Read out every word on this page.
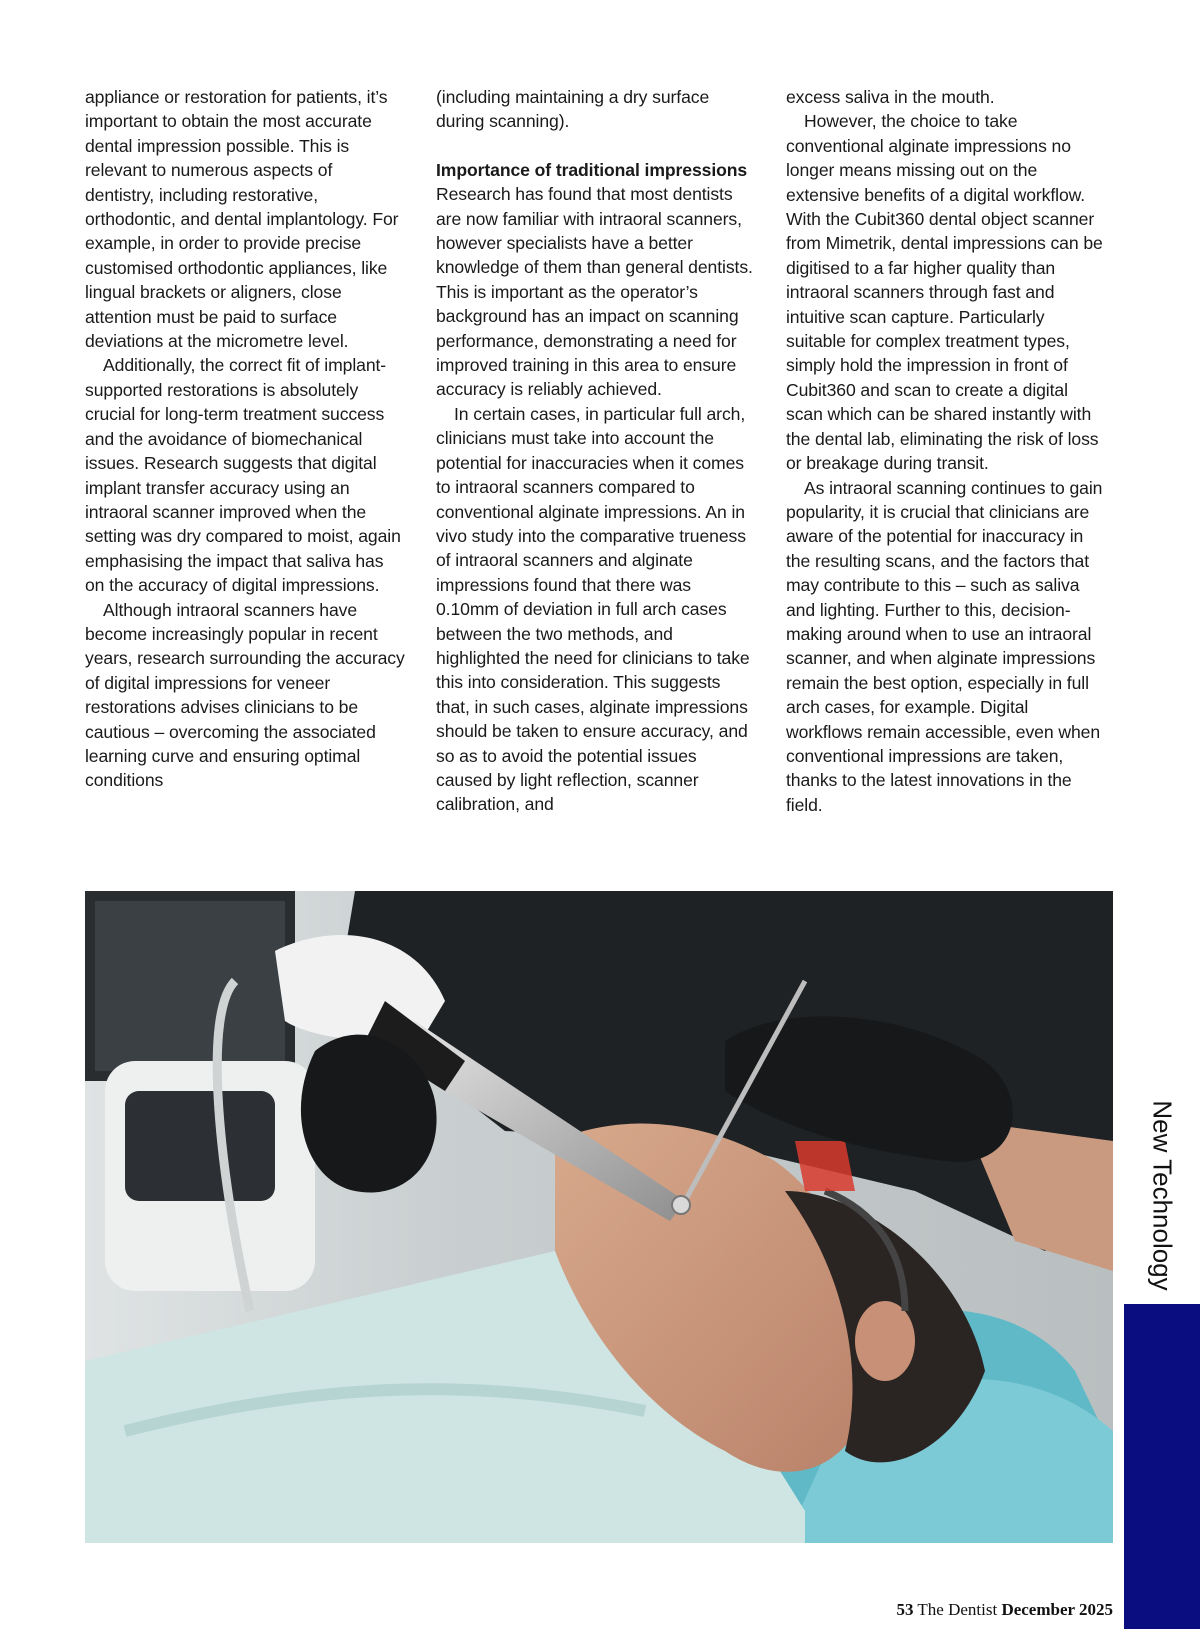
appliance or restoration for patients, it’s important to obtain the most accurate dental impression possible. This is relevant to numerous aspects of dentistry, including restorative, orthodontic, and dental implantology. For example, in order to provide precise customised orthodontic appliances, like lingual brackets or aligners, close attention must be paid to surface deviations at the micrometre level.

Additionally, the correct fit of implant-supported restorations is absolutely crucial for long-term treatment success and the avoidance of biomechanical issues. Research suggests that digital implant transfer accuracy using an intraoral scanner improved when the setting was dry compared to moist, again emphasising the impact that saliva has on the accuracy of digital impressions.

Although intraoral scanners have become increasingly popular in recent years, research surrounding the accuracy of digital impressions for veneer restorations advises clinicians to be cautious – overcoming the associated learning curve and ensuring optimal conditions

(including maintaining a dry surface during scanning).

Importance of traditional impressions

Research has found that most dentists are now familiar with intraoral scanners, however specialists have a better knowledge of them than general dentists. This is important as the operator’s background has an impact on scanning performance, demonstrating a need for improved training in this area to ensure accuracy is reliably achieved.

In certain cases, in particular full arch, clinicians must take into account the potential for inaccuracies when it comes to intraoral scanners compared to conventional alginate impressions. An in vivo study into the comparative trueness of intraoral scanners and alginate impressions found that there was 0.10mm of deviation in full arch cases between the two methods, and highlighted the need for clinicians to take this into consideration. This suggests that, in such cases, alginate impressions should be taken to ensure accuracy, and so as to avoid the potential issues caused by light reflection, scanner calibration, and

excess saliva in the mouth.

However, the choice to take conventional alginate impressions no longer means missing out on the extensive benefits of a digital workflow. With the Cubit360 dental object scanner from Mimetrik, dental impressions can be digitised to a far higher quality than intraoral scanners through fast and intuitive scan capture. Particularly suitable for complex treatment types, simply hold the impression in front of Cubit360 and scan to create a digital scan which can be shared instantly with the dental lab, eliminating the risk of loss or breakage during transit.

As intraoral scanning continues to gain popularity, it is crucial that clinicians are aware of the potential for inaccuracy in the resulting scans, and the factors that may contribute to this – such as saliva and lighting. Further to this, decision-making around when to use an intraoral scanner, and when alginate impressions remain the best option, especially in full arch cases, for example. Digital workflows remain accessible, even when conventional impressions are taken, thanks to the latest innovations in the field.

New Technology
53 The Dentist December 2025
